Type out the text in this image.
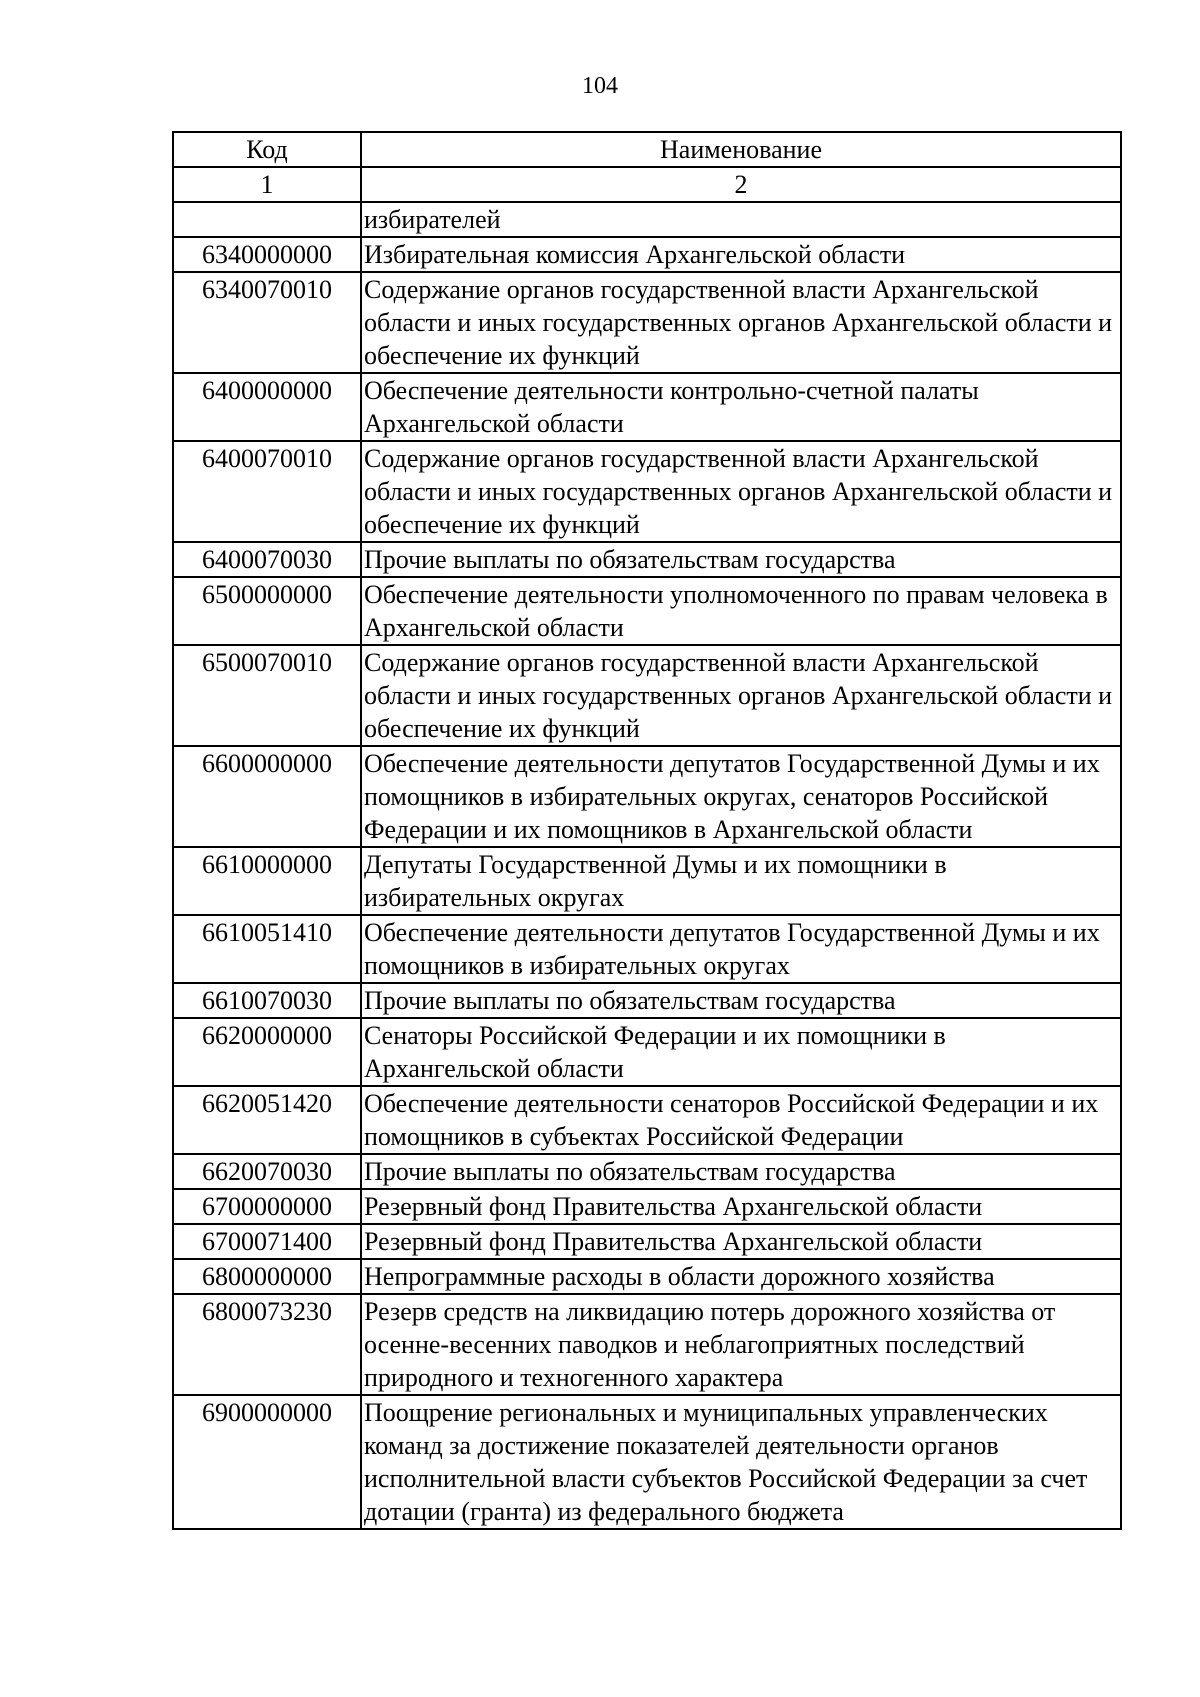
104
Код	Наименование
1	2
	избирателей
6340000000	Избирательная комиссия Архангельской области
6340070010	Содержание органов государственной власти Архангельской области и иных государственных органов Архангельской области и обеспечение их функций
6400000000	Обеспечение деятельности контрольно-счетной палаты Архангельской области
6400070010	Содержание органов государственной власти Архангельской области и иных государственных органов Архангельской области и обеспечение их функций
6400070030	Прочие выплаты по обязательствам государства
6500000000	Обеспечение деятельности уполномоченного по правам человека в Архангельской области
6500070010	Содержание органов государственной власти Архангельской области и иных государственных органов Архангельской области и обеспечение их функций
6600000000	Обеспечение деятельности депутатов Государственной Думы и их помощников в избирательных округах, сенаторов Российской Федерации и их помощников в Архангельской области
6610000000	Депутаты Государственной Думы и их помощники в избирательных округах
6610051410	Обеспечение деятельности депутатов Государственной Думы и их помощников в избирательных округах
6610070030	Прочие выплаты по обязательствам государства
6620000000	Сенаторы Российской Федерации и их помощники в Архангельской области
6620051420	Обеспечение деятельности сенаторов Российской Федерации и их помощников в субъектах Российской Федерации
6620070030	Прочие выплаты по обязательствам государства
6700000000	Резервный фонд Правительства Архангельской области
6700071400	Резервный фонд Правительства Архангельской области
6800000000	Непрограммные расходы в области дорожного хозяйства
6800073230	Резерв средств на ликвидацию потерь дорожного хозяйства от осенне-весенних паводков и неблагоприятных последствий природного и техногенного характера
6900000000	Поощрение региональных и муниципальных управленческих команд за достижение показателей деятельности органов исполнительной власти субъектов Российской Федерации за счет дотации (гранта) из федерального бюджета
